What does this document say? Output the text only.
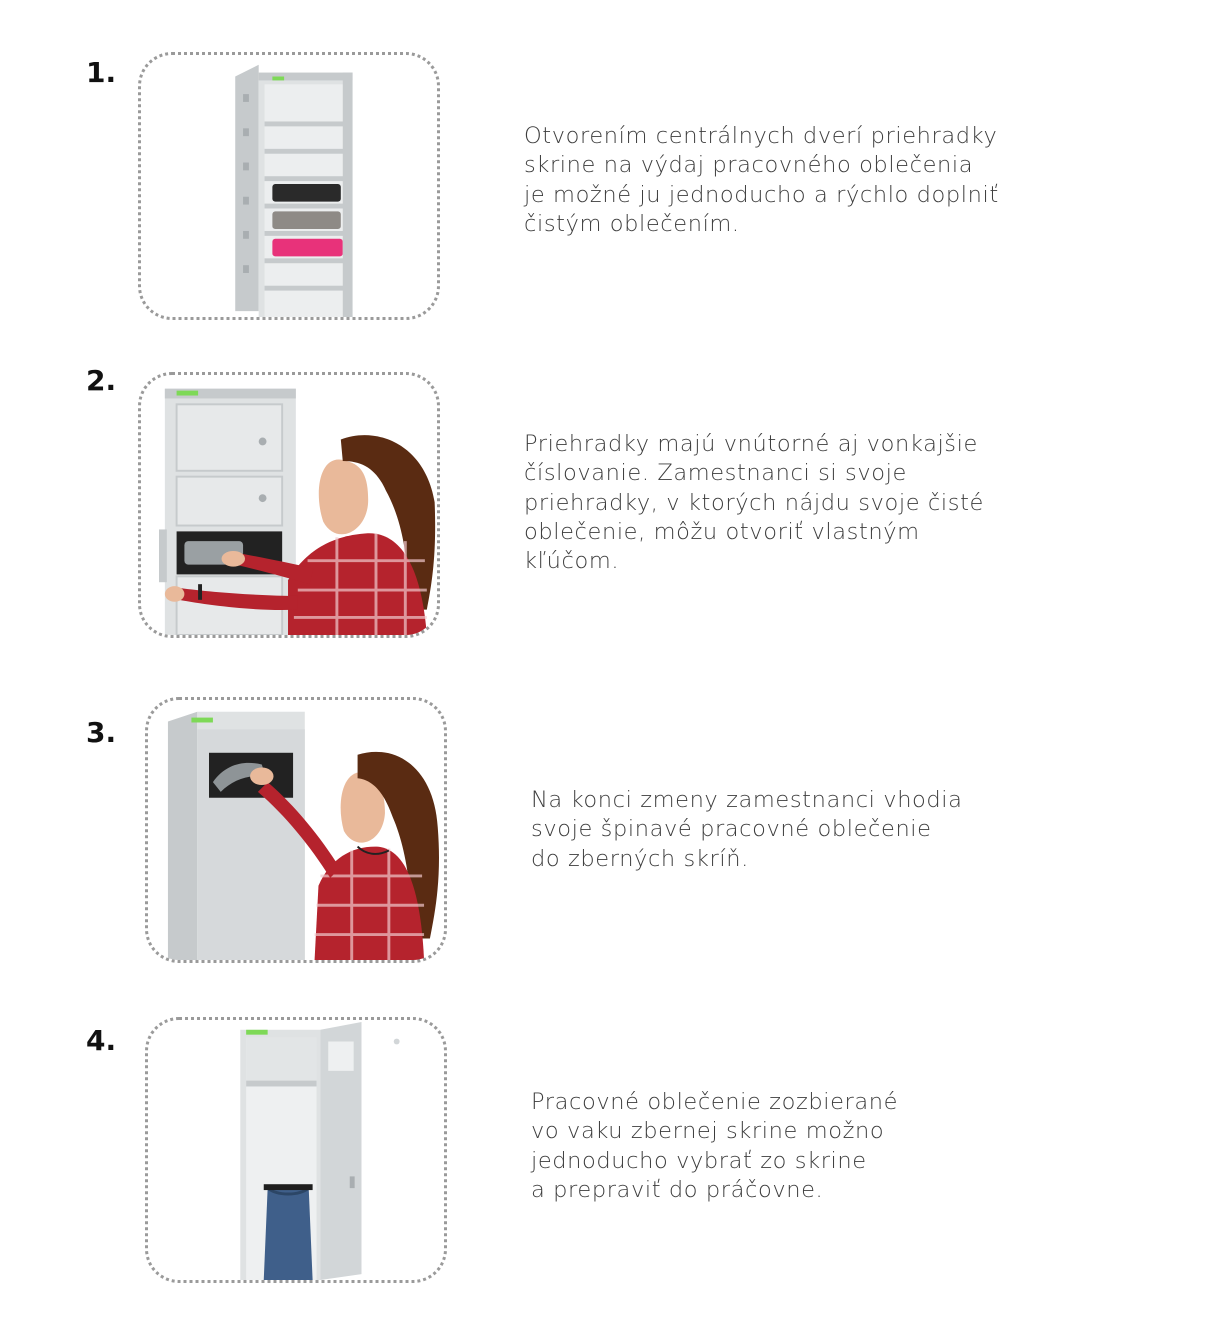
1.

Otvorením centrálnych dverí priehradky
skrine na výdaj pracovného oblečenia
je možné ju jednoducho a rýchlo doplniť
čistým oblečením.

2.

Priehradky majú vnútorné aj vonkajšie
číslovanie. Zamestnanci si svoje
priehradky, v ktorých nájdu svoje čisté
oblečenie, môžu otvoriť vlastným
kľúčom.

3.

Na konci zmeny zamestnanci vhodia
svoje špinavé pracovné oblečenie
do zberných skríň.

4.

Pracovné oblečenie zozbierané
vo vaku zbernej skrine možno
jednoducho vybrať zo skrine
a prepraviť do práčovne.
